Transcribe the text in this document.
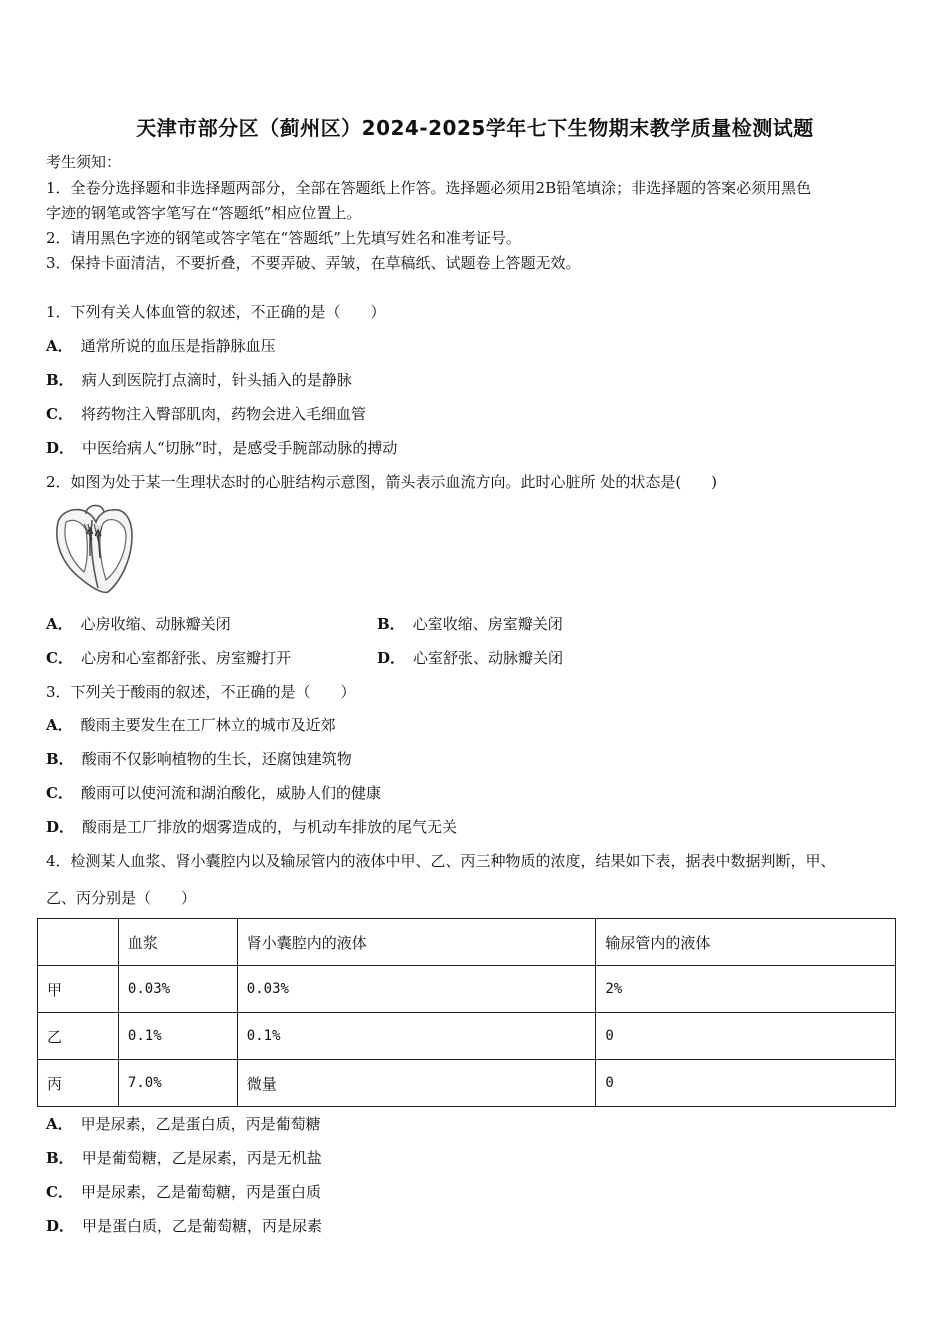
天津市部分区（蓟州区）2024-2025学年七下生物期末教学质量检测试题
考生须知：
1．全卷分选择题和非选择题两部分，全部在答题纸上作答。选择题必须用2B铅笔填涂；非选择题的答案必须用黑色
字迹的钢笔或答字笔写在“答题纸”相应位置上。
2．请用黑色字迹的钢笔或答字笔在“答题纸”上先填写姓名和准考证号。
3．保持卡面清洁，不要折叠，不要弄破、弄皱，在草稿纸、试题卷上答题无效。
1．下列有关人体血管的叙述，不正确的是（　　）
A． 通常所说的血压是指静脉血压
B． 病人到医院打点滴时，针头插入的是静脉
C． 将药物注入臀部肌肉，药物会进入毛细血管
D． 中医给病人“切脉”时，是感受手腕部动脉的搏动
2．如图为处于某一生理状态时的心脏结构示意图，箭头表示血流方向。此时心脏所 处的状态是(　　)
A． 心房收缩、动脉瓣关闭	B． 心室收缩、房室瓣关闭
C． 心房和心室都舒张、房室瓣打开	D． 心室舒张、动脉瓣关闭
3．下列关于酸雨的叙述，不正确的是（　　）
A． 酸雨主要发生在工厂林立的城市及近郊
B． 酸雨不仅影响植物的生长，还腐蚀建筑物
C． 酸雨可以使河流和湖泊酸化，威胁人们的健康
D． 酸雨是工厂排放的烟雾造成的，与机动车排放的尾气无关
4．检测某人血浆、肾小囊腔内以及输尿管内的液体中甲、乙、丙三种物质的浓度，结果如下表，据表中数据判断，甲、
乙、丙分别是（　　）
	血浆	肾小囊腔内的液体	输尿管内的液体
甲	0.03%	0.03%	2%
乙	0.1%	0.1%	0
丙	7.0%	微量	0
A． 甲是尿素，乙是蛋白质，丙是葡萄糖
B． 甲是葡萄糖，乙是尿素，丙是无机盐
C． 甲是尿素，乙是葡萄糖，丙是蛋白质
D． 甲是蛋白质，乙是葡萄糖，丙是尿素
